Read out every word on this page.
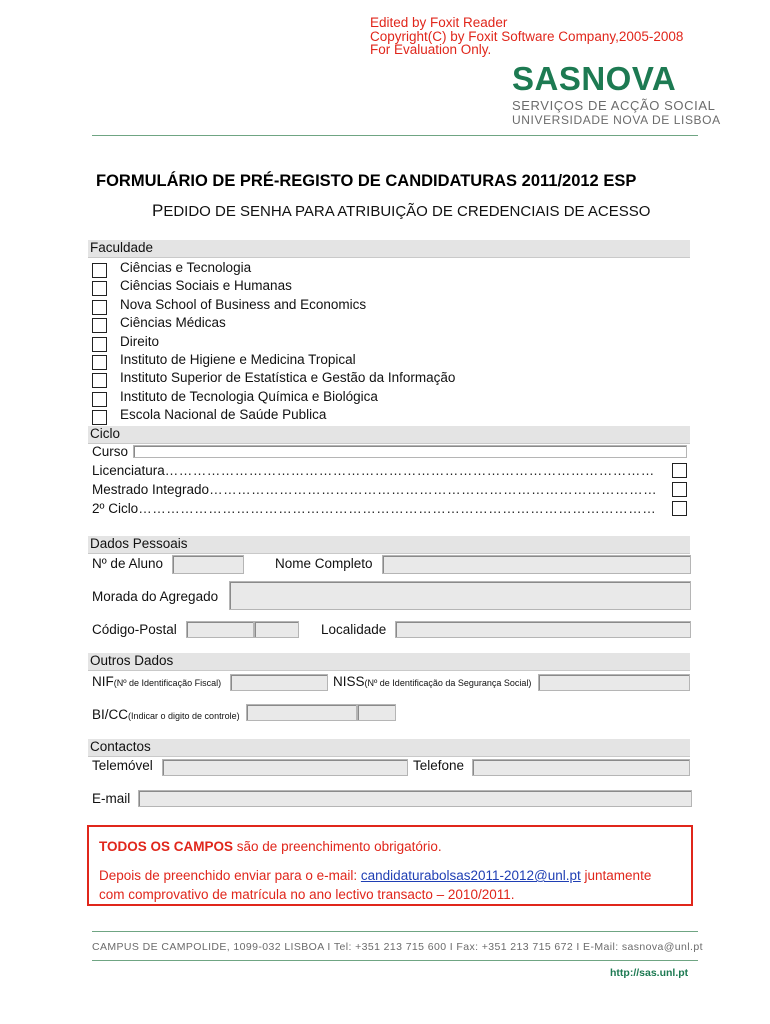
Edited by Foxit Reader
Copyright(C) by Foxit Software Company,2005-2008
For Evaluation Only.
SASNOVA
SERVIÇOS DE ACÇÃO SOCIAL
UNIVERSIDADE NOVA DE LISBOA
FORMULÁRIO DE PRÉ-REGISTO DE CANDIDATURAS 2011/2012 ESP
PEDIDO DE SENHA PARA ATRIBUIÇÃO DE CREDENCIAIS DE ACESSO
Faculdade
Ciências e Tecnologia
Ciências Sociais e Humanas
Nova School of Business and Economics
Ciências Médicas
Direito
Instituto de Higiene e Medicina Tropical
Instituto Superior de Estatística e Gestão da Informação
Instituto de Tecnologia Química e Biológica
Escola Nacional de Saúde Publica
Ciclo
Curso
Licenciatura……………………………………………………………………………………………
Mestrado Integrado……………………………………………………………………………………
2º Ciclo…………………………………………………………………………………………………
Dados Pessoais
Nº de Aluno	Nome Completo
Morada do Agregado
Código-Postal	Localidade
Outros Dados
NIF(Nº de Identificação Fiscal)	NISS(Nº de Identificação da Segurança Social)
BI/CC(Indicar o digito de controle)
Contactos
Telemóvel	Telefone
E-mail
TODOS OS CAMPOS são de preenchimento obrigatório.
Depois de preenchido enviar para o e-mail: candidaturabolsas2011-2012@unl.pt juntamente
com comprovativo de matrícula no ano lectivo transacto – 2010/2011.
CAMPUS DE CAMPOLIDE, 1099-032 LISBOA I Tel: +351 213 715 600 I Fax: +351 213 715 672 I E-Mail: sasnova@unl.pt
http://sas.unl.pt
